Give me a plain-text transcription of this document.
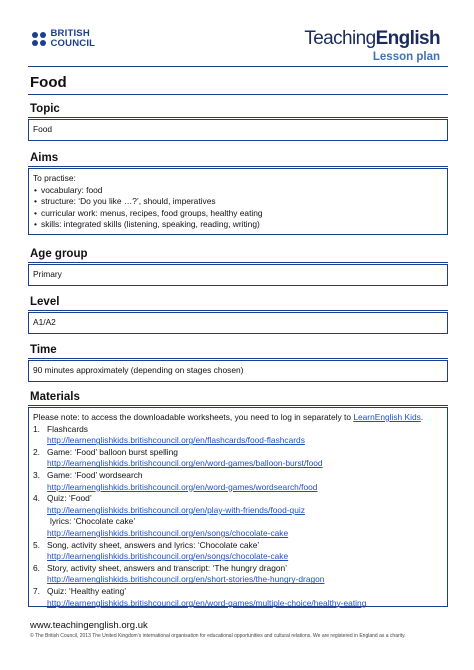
BRITISH
COUNCIL	TeachingEnglish
Lesson plan
Food
Topic
Food
Aims
To practise:
• vocabulary: food
• structure: ‘Do you like …?’, should, imperatives
• curricular work: menus, recipes, food groups, healthy eating
• skills: integrated skills (listening, speaking, reading, writing)
Age group
Primary
Level
A1/A2
Time
90 minutes approximately (depending on stages chosen)
Materials
Please note: to access the downloadable worksheets, you need to log in separately to LearnEnglish Kids.
1. Flashcards
http://learnenglishkids.britishcouncil.org/en/flashcards/food-flashcards
2. Game: ‘Food’ balloon burst spelling
http://learnenglishkids.britishcouncil.org/en/word-games/balloon-burst/food
3. Game: ‘Food’ wordsearch
http://learnenglishkids.britishcouncil.org/en/word-games/wordsearch/food
4. Quiz: ‘Food’
http://learnenglishkids.britishcouncil.org/en/play-with-friends/food-quiz
lyrics: ‘Chocolate cake’
http://learnenglishkids.britishcouncil.org/en/songs/chocolate-cake
5. Song, activity sheet, answers and lyrics: ‘Chocolate cake’
http://learnenglishkids.britishcouncil.org/en/songs/chocolate-cake
6. Story, activity sheet, answers and transcript: ‘The hungry dragon’
http://learnenglishkids.britishcouncil.org/en/short-stories/the-hungry-dragon
7. Quiz: ‘Healthy eating’
http://learnenglishkids.britishcouncil.org/en/word-games/multiple-choice/healthy-eating
www.teachingenglish.org.uk
© The British Council, 2013 The United Kingdom’s international organisation for educational opportunities and cultural relations. We are registered in England as a charity.
